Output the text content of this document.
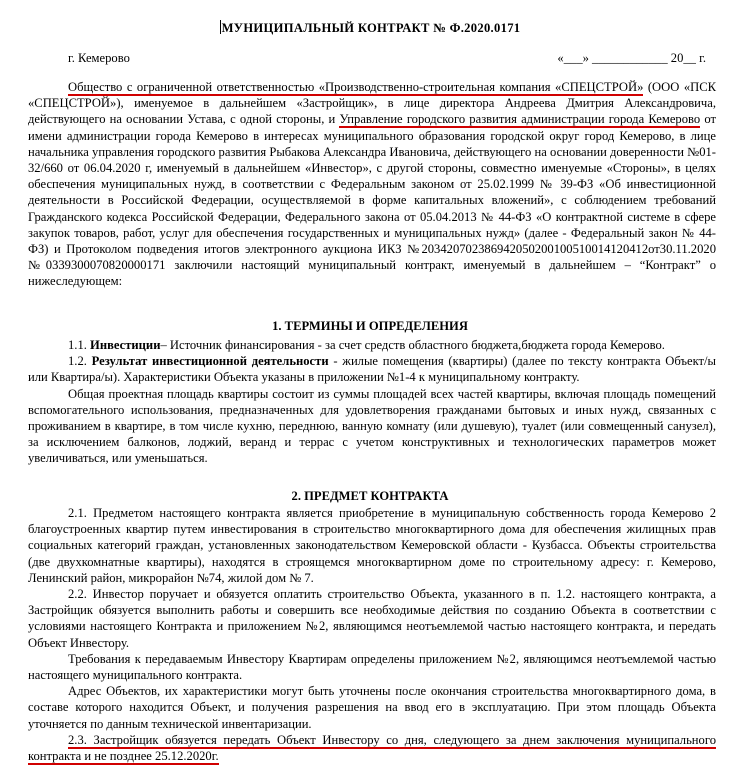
МУНИЦИПАЛЬНЫЙ КОНТРАКТ № Ф.2020.0171
г. Кемерово	«___» ____________ 20__ г.

Общество с ограниченной ответственностью «Производственно-строительная компания «СПЕЦСТРОЙ» (ООО «ПСК «СПЕЦСТРОЙ»), именуемое в дальнейшем «Застройщик», в лице директора Андреева Дмитрия Александровича, действующего на основании Устава, с одной стороны, и Управление городского развития администрации города Кемерово от имени администрации города Кемерово в интересах муниципального образования городской округ город Кемерово, в лице начальника управления городского развития Рыбакова Александра Ивановича, действующего на основании доверенности №01-32/660 от 06.04.2020 г, именуемый в дальнейшем «Инвестор», с другой стороны, совместно именуемые «Стороны», в целях обеспечения муниципальных нужд, в соответствии с Федеральным законом от 25.02.1999 № 39-ФЗ «Об инвестиционной деятельности в Российской Федерации, осуществляемой в форме капитальных вложений», с соблюдением требований Гражданского кодекса Российской Федерации, Федерального закона от 05.04.2013 № 44-ФЗ «О контрактной системе в сфере закупок товаров, работ, услуг для обеспечения государственных и муниципальных нужд» (далее - Федеральный закон № 44-ФЗ) и Протоколом подведения итогов электронного аукциона ИКЗ №203420702386942050200100510014120412от30.11.2020 №0339300070820000171 заключили настоящий муниципальный контракт, именуемый в дальнейшем – “Контракт” о нижеследующем:

1. ТЕРМИНЫ И ОПРЕДЕЛЕНИЯ

1.1. Инвестиции– Источник финансирования - за счет средств областного бюджета,бюджета города Кемерово.

1.2. Результат инвестиционной деятельности - жилые помещения (квартиры) (далее по тексту контракта Объект/ы или Квартира/ы). Характеристики Объекта указаны в приложении №1-4 к муниципальному контракту.

Общая проектная площадь квартиры состоит из суммы площадей всех частей квартиры, включая площадь помещений вспомогательного использования, предназначенных для удовлетворения гражданами бытовых и иных нужд, связанных с проживанием в квартире, в том числе кухню, переднюю, ванную комнату (или душевую), туалет (или совмещенный санузел), за исключением балконов, лоджий, веранд и террас с учетом конструктивных и технологических параметров может увеличиваться, или уменьшаться.

2. ПРЕДМЕТ КОНТРАКТА

2.1. Предметом настоящего контракта является приобретение в муниципальную собственность города Кемерово 2 благоустроенных квартир путем инвестирования в строительство многоквартирного дома для обеспечения жилищных прав социальных категорий граждан, установленных законодательством Кемеровской области - Кузбасса. Объекты строительства (две двухкомнатные квартиры), находятся в строящемся многоквартирном доме по строительному адресу: г. Кемерово, Ленинский район, микрорайон №74, жилой дом № 7.

2.2. Инвестор поручает и обязуется оплатить строительство Объекта, указанного в п. 1.2. настоящего контракта, а Застройщик обязуется выполнить работы и совершить все необходимые действия по созданию Объекта в соответствии с условиями настоящего Контракта и приложением №2, являющимся неотъемлемой частью настоящего контракта, и передать Объект Инвестору.

Требования к передаваемым Инвестору Квартирам определены приложением №2, являющимся неотъемлемой частью настоящего муниципального контракта.

Адрес Объектов, их характеристики могут быть уточнены после окончания строительства многоквартирного дома, в составе которого находится Объект, и получения разрешения на ввод его в эксплуатацию. При этом площадь Объекта уточняется по данным технической инвентаризации.

2.3. Застройщик обязуется передать Объект Инвестору со дня, следующего за днем заключения муниципального контракта и не позднее 25.12.2020г.
